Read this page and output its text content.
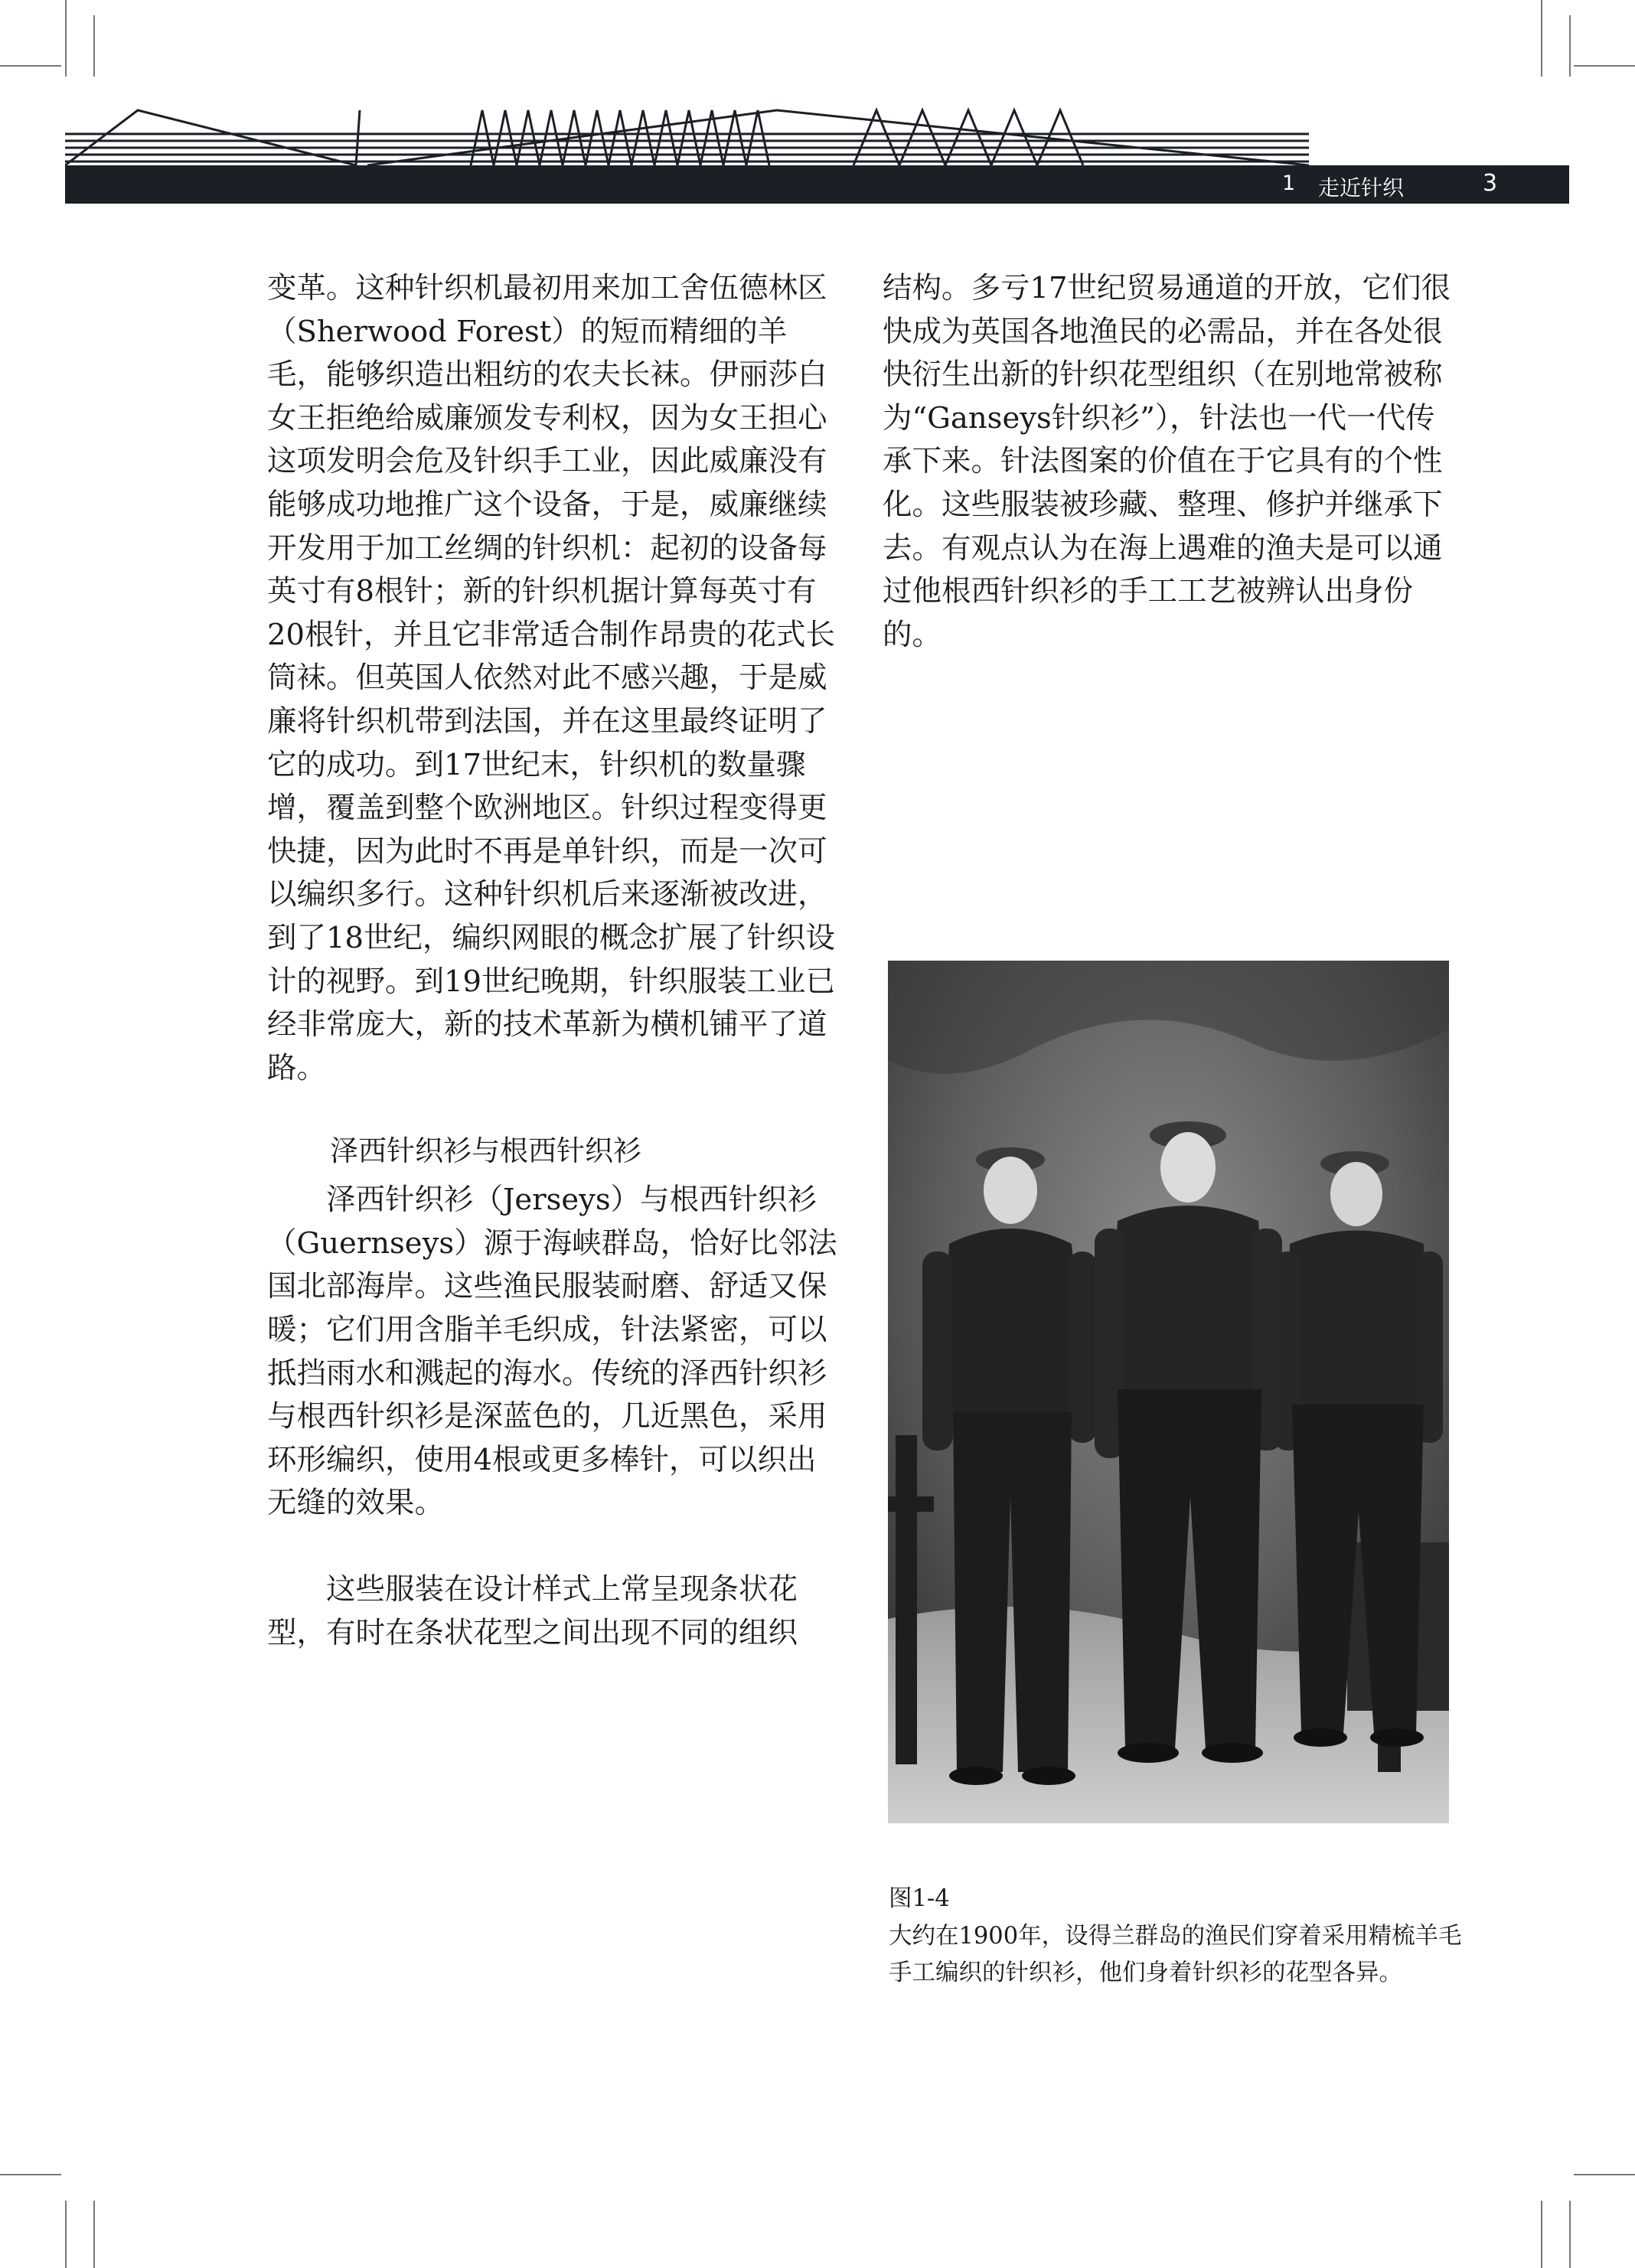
1 走近针织	3

变革。这种针织机最初用来加工舍伍德林区（Sherwood Forest）的短而精细的羊毛，能够织造出粗纺的农夫长袜。伊丽莎白女王拒绝给威廉颁发专利权，因为女王担心这项发明会危及针织手工业，因此威廉没有能够成功地推广这个设备，于是，威廉继续开发用于加工丝绸的针织机：起初的设备每英寸有8根针；新的针织机据计算每英寸有20根针，并且它非常适合制作昂贵的花式长筒袜。但英国人依然对此不感兴趣，于是威廉将针织机带到法国，并在这里最终证明了它的成功。到17世纪末，针织机的数量骤增，覆盖到整个欧洲地区。针织过程变得更快捷，因为此时不再是单针织，而是一次可以编织多行。这种针织机后来逐渐被改进，到了18世纪，编织网眼的概念扩展了针织设计的视野。到19世纪晚期，针织服装工业已经非常庞大，新的技术革新为横机铺平了道路。

泽西针织衫与根西针织衫

泽西针织衫（Jerseys）与根西针织衫（Guernseys）源于海峡群岛，恰好比邻法国北部海岸。这些渔民服装耐磨、舒适又保暖；它们用含脂羊毛织成，针法紧密，可以抵挡雨水和溅起的海水。传统的泽西针织衫与根西针织衫是深蓝色的，几近黑色，采用环形编织，使用4根或更多棒针，可以织出无缝的效果。

这些服装在设计样式上常呈现条状花型，有时在条状花型之间出现不同的组织

结构。多亏17世纪贸易通道的开放，它们很快成为英国各地渔民的必需品，并在各处很快衍生出新的针织花型组织（在别地常被称为“Ganseys针织衫”），针法也一代一代传承下来。针法图案的价值在于它具有的个性化。这些服装被珍藏、整理、修护并继承下去。有观点认为在海上遇难的渔夫是可以通过他根西针织衫的手工工艺被辨认出身份的。

图1-4
大约在1900年，设得兰群岛的渔民们穿着采用精梳羊毛手工编织的针织衫，他们身着针织衫的花型各异。
